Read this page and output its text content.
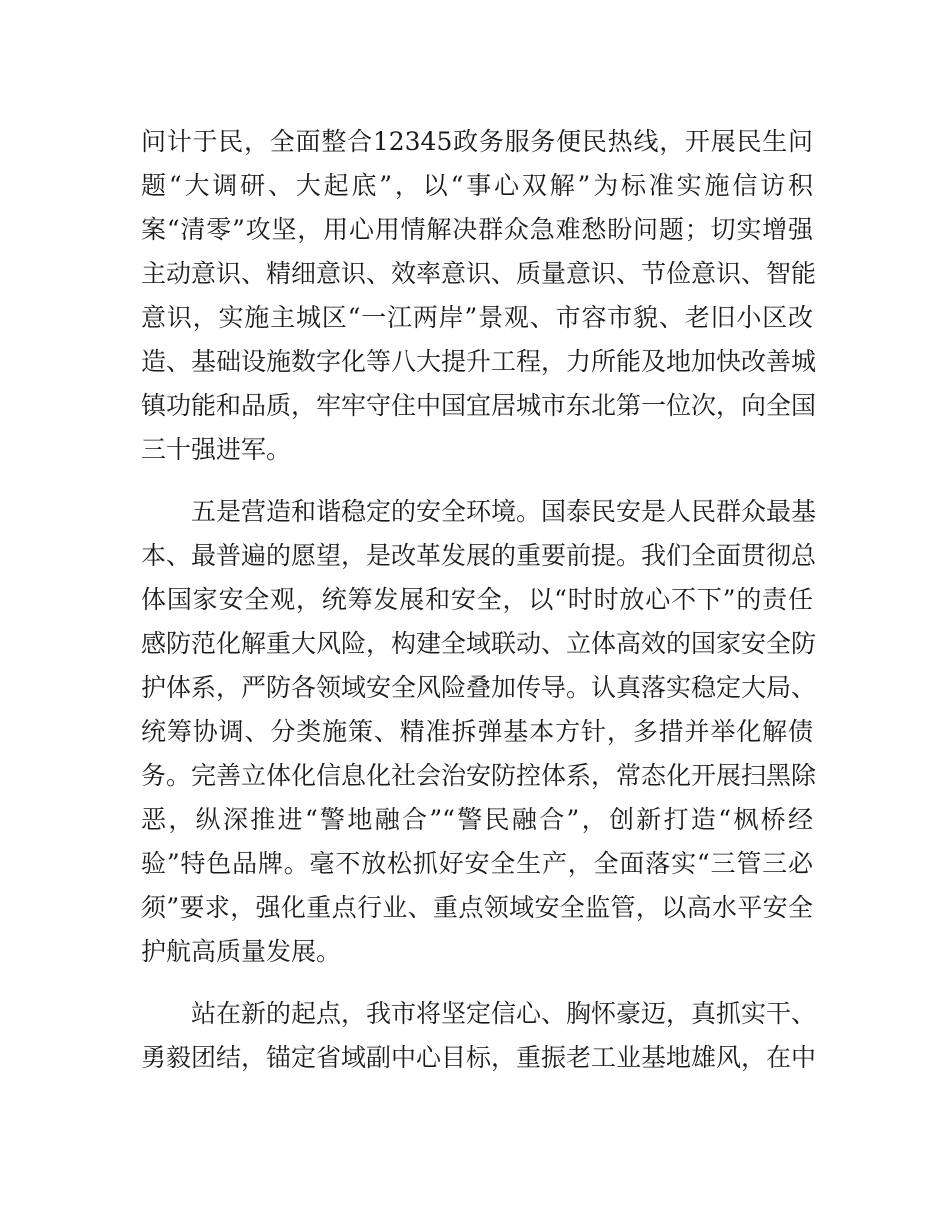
问计于民，全面整合12345政务服务便民热线，开展民生问
题“大调研、大起底”，以“事心双解”为标准实施信访积
案“清零”攻坚，用心用情解决群众急难愁盼问题；切实增强
主动意识、精细意识、效率意识、质量意识、节俭意识、智能
意识，实施主城区“一江两岸”景观、市容市貌、老旧小区改
造、基础设施数字化等八大提升工程，力所能及地加快改善城
镇功能和品质，牢牢守住中国宜居城市东北第一位次，向全国
三十强进军。
五是营造和谐稳定的安全环境。国泰民安是人民群众最基
本、最普遍的愿望，是改革发展的重要前提。我们全面贯彻总
体国家安全观，统筹发展和安全，以“时时放心不下”的责任
感防范化解重大风险，构建全域联动、立体高效的国家安全防
护体系，严防各领域安全风险叠加传导。认真落实稳定大局、
统筹协调、分类施策、精准拆弹基本方针，多措并举化解债
务。完善立体化信息化社会治安防控体系，常态化开展扫黑除
恶，纵深推进“警地融合”“警民融合”，创新打造“枫桥经
验”特色品牌。毫不放松抓好安全生产，全面落实“三管三必
须”要求，强化重点行业、重点领域安全监管，以高水平安全
护航高质量发展。
站在新的起点，我市将坚定信心、胸怀豪迈，真抓实干、
勇毅团结，锚定省域副中心目标，重振老工业基地雄风，在中
